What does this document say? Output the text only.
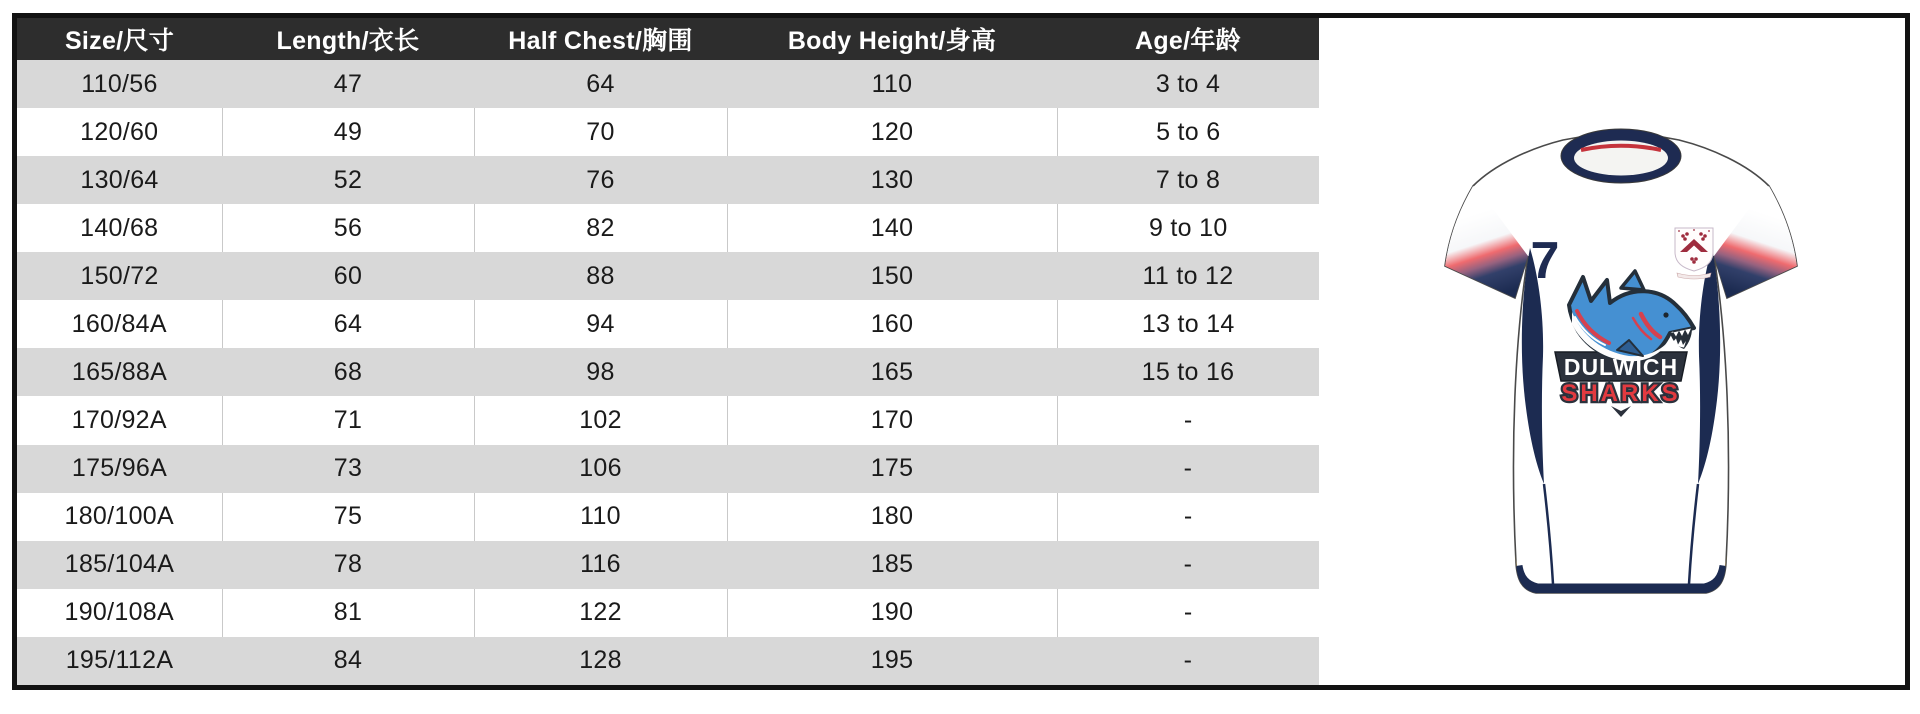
Size/尺寸	Length/衣长	Half Chest/胸围	Body Height/身高	Age/年龄
110/56	47	64	110	3 to 4
120/60	49	70	120	5 to 6
130/64	52	76	130	7 to 8
140/68	56	82	140	9 to 10
150/72	60	88	150	11 to 12
160/84A	64	94	160	13 to 14
165/88A	68	98	165	15 to 16
170/92A	71	102	170	-
175/96A	73	106	175	-
180/100A	75	110	180	-
185/104A	78	116	185	-
190/108A	81	122	190	-
195/112A	84	128	195	-
7
DULWICH
SHARKS
